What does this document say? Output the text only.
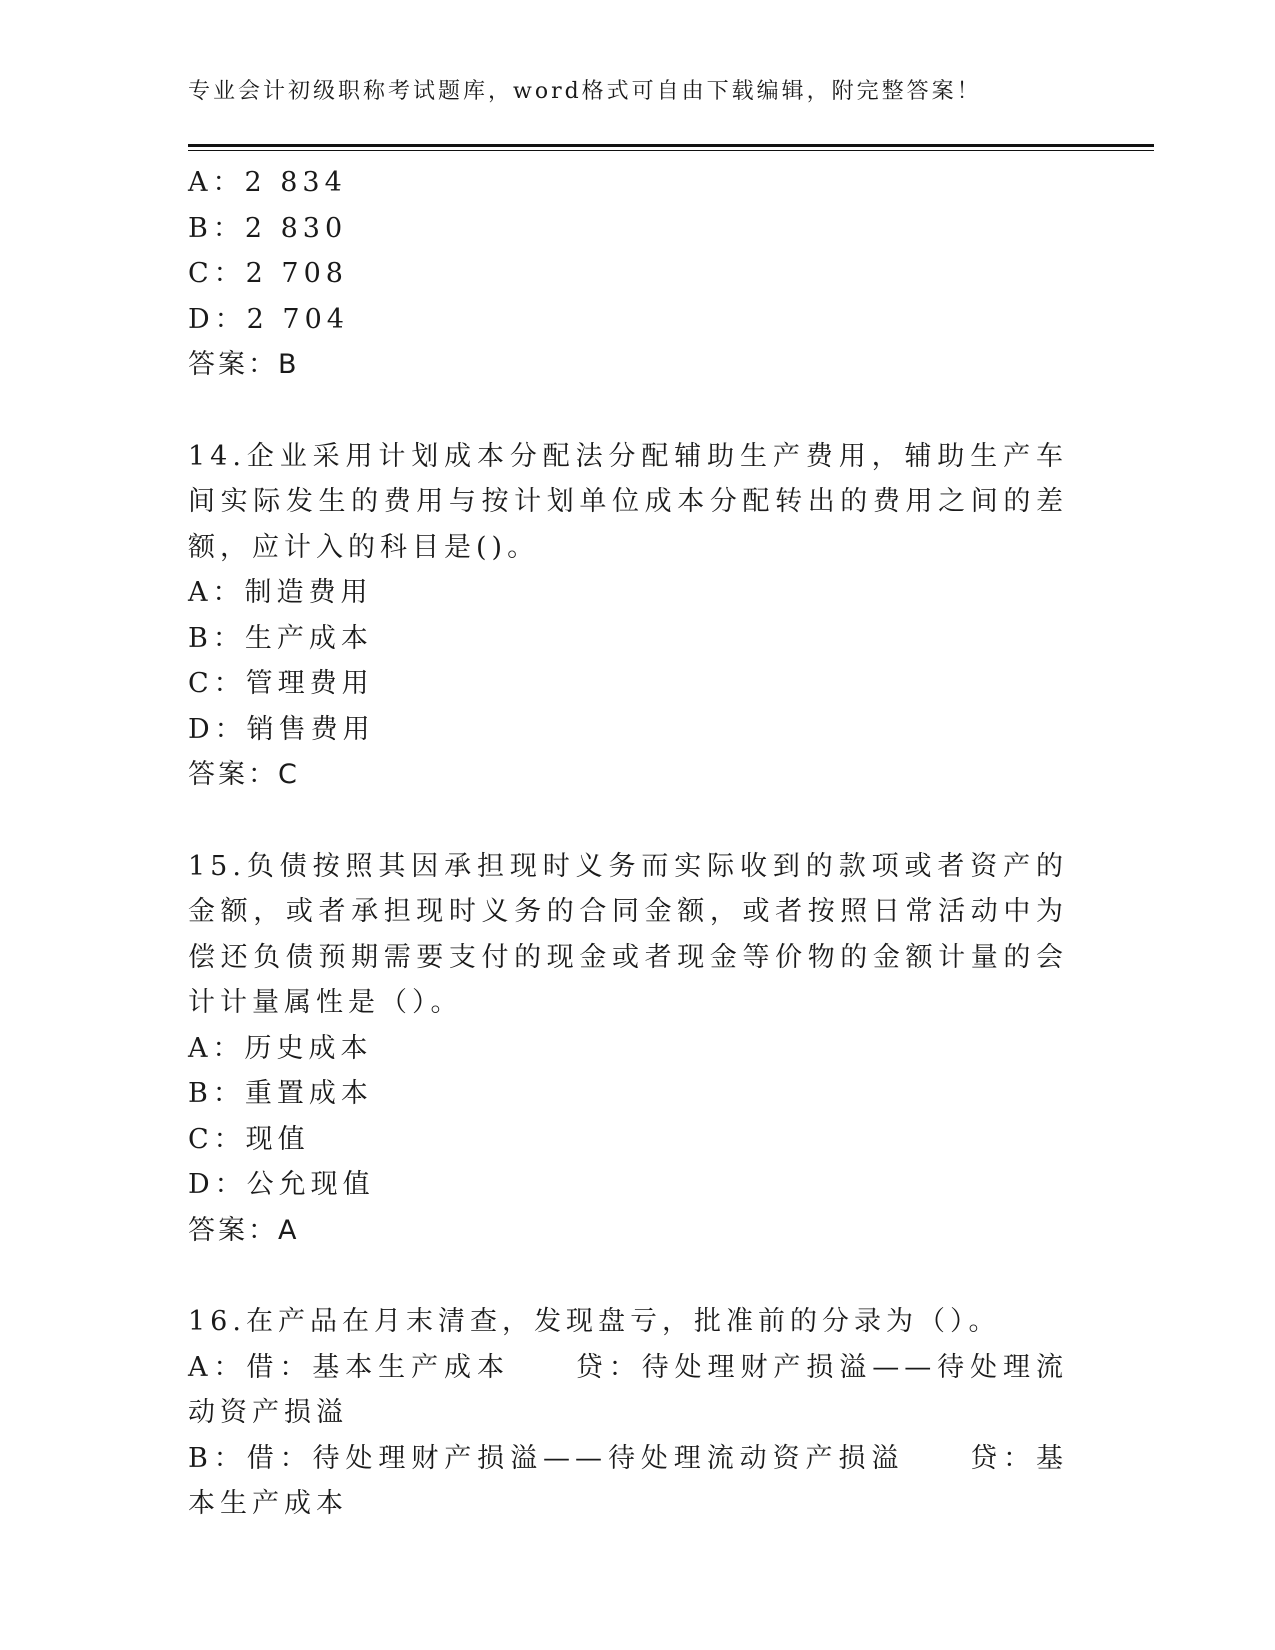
专业会计初级职称考试题库，word格式可自由下载编辑，附完整答案！
A：2 834
B：2 830
C：2 708
D：2 704
答案：B
14.企业采用计划成本分配法分配辅助生产费用，辅助生产车间实际发生的费用与按计划单位成本分配转出的费用之间的差额，应计入的科目是()。
A：制造费用
B：生产成本
C：管理费用
D：销售费用
答案：C
15.负债按照其因承担现时义务而实际收到的款项或者资产的金额，或者承担现时义务的合同金额，或者按照日常活动中为偿还负债预期需要支付的现金或者现金等价物的金额计量的会计计量属性是（）。
A：历史成本
B：重置成本
C：现值
D：公允现值
答案：A
16.在产品在月末清查，发现盘亏，批准前的分录为（）。
A：借：基本生产成本　　贷：待处理财产损溢——待处理流动资产损溢
B：借：待处理财产损溢——待处理流动资产损溢　　贷：基本生产成本
